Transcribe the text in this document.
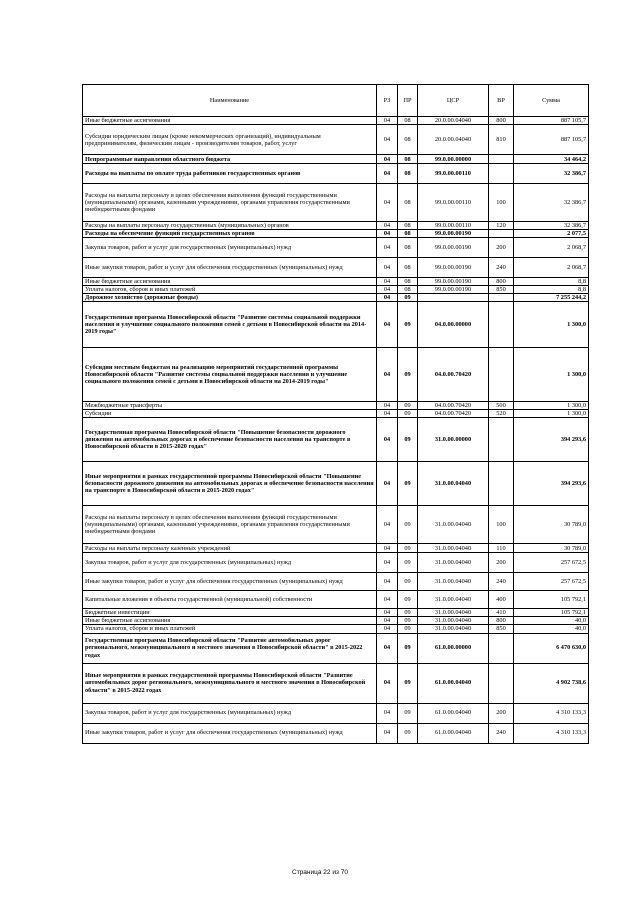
Наименование	РЗ	ПР	ЦСР	ВР	Сумма
Иные бюджетные ассигнования	04	08	20.0.00.04040	800	887 105,7
Субсидии юридическим лицам (кроме некоммерческих организаций), индивидуальным предпринимателям, физическим лицам - производителям товаров, работ, услуг	04	08	20.0.00.04040	810	887 105,7
Непрограммные направления областного бюджета	04	08	99.0.00.00000		34 464,2
Расходы на выплаты по оплате труда работников государственных органов	04	08	99.0.00.00110		32 386,7
Расходы на выплаты персоналу в целях обеспечения выполнения функций государственными (муниципальными) органами, казенными учреждениями, органами управления государственными внебюджетными фондами	04	08	99.0.00.00110	100	32 386,7
Расходы на выплаты персоналу государственных (муниципальных) органов	04	08	99.0.00.00110	120	32 386,7
Расходы на обеспечение функций государственных органов	04	08	99.0.00.00190		2 077,5
Закупка товаров, работ и услуг для государственных (муниципальных) нужд	04	08	99.0.00.00190	200	2 068,7
Иные закупки товаров, работ и услуг для обеспечения государственных (муниципальных) нужд	04	08	99.0.00.00190	240	2 068,7
Иные бюджетные ассигнования	04	08	99.0.00.00190	800	8,8
Уплата налогов, сборов и иных платежей	04	08	99.0.00.00190	850	8,8
Дорожное хозяйство (дорожные фонды)	04	09			7 255 244,2
Государственная программа Новосибирской области "Развитие системы социальной поддержки населения и улучшение социального положения семей с детьми в Новосибирской области на 2014-2019 годы"	04	09	04.0.00.00000		1 300,0
Субсидии местным бюджетам на реализацию мероприятий государственной программы Новосибирской области "Развитие системы социальной поддержки населения и улучшение социального положения семей с детьми в Новосибирской области на 2014-2019 годы"	04	09	04.0.00.70420		1 300,0
Межбюджетные трансферты	04	09	04.0.00.70420	500	1 300,0
Субсидии	04	09	04.0.00.70420	520	1 300,0
Государственная программа Новосибирской области "Повышение безопасности дорожного движения на автомобильных дорогах и обеспечение безопасности населения на транспорте в Новосибирской области в 2015-2020 годах"	04	09	31.0.00.00000		394 293,6
Иные мероприятия в рамках государственной программы Новосибирской области "Повышение безопасности дорожного движения на автомобильных дорогах и обеспечение безопасности населения на транспорте в Новосибирской области в 2015-2020 годах"	04	09	31.0.00.04040		394 293,6
Расходы на выплаты персоналу в целях обеспечения выполнения функций государственными (муниципальными) органами, казенными учреждениями, органами управления государственными внебюджетными фондами	04	09	31.0.00.04040	100	30 789,0
Расходы на выплаты персоналу казенных учреждений	04	09	31.0.00.04040	110	30 789,0
Закупка товаров, работ и услуг для государственных (муниципальных) нужд	04	09	31.0.00.04040	200	257 672,5
Иные закупки товаров, работ и услуг для обеспечения государственных (муниципальных) нужд	04	09	31.0.00.04040	240	257 672,5
Капитальные вложения в объекты государственной (муниципальной) собственности	04	09	31.0.00.04040	400	105 792,1
Бюджетные инвестиции	04	09	31.0.00.04040	410	105 792,1
Иные бюджетные ассигнования	04	09	31.0.00.04040	800	40,0
Уплата налогов, сборов и иных платежей	04	09	31.0.00.04040	850	40,0
Государственная программа Новосибирской области "Развитие автомобильных дорог регионального, межмуниципального и местного значения в Новосибирской области" в 2015-2022 годах	04	09	61.0.00.00000		6 470 630,0
Иные мероприятия в рамках государственной программы Новосибирской области "Развитие автомобильных дорог регионального, межмуниципального и местного значения в Новосибирской области" в 2015-2022 годах	04	09	61.0.00.04040		4 902 738,6
Закупка товаров, работ и услуг для государственных (муниципальных) нужд	04	09	61.0.00.04040	200	4 310 133,3
Иные закупки товаров, работ и услуг для обеспечения государственных (муниципальных) нужд	04	09	61.0.00.04040	240	4 310 133,3
Страница 22 из 70
